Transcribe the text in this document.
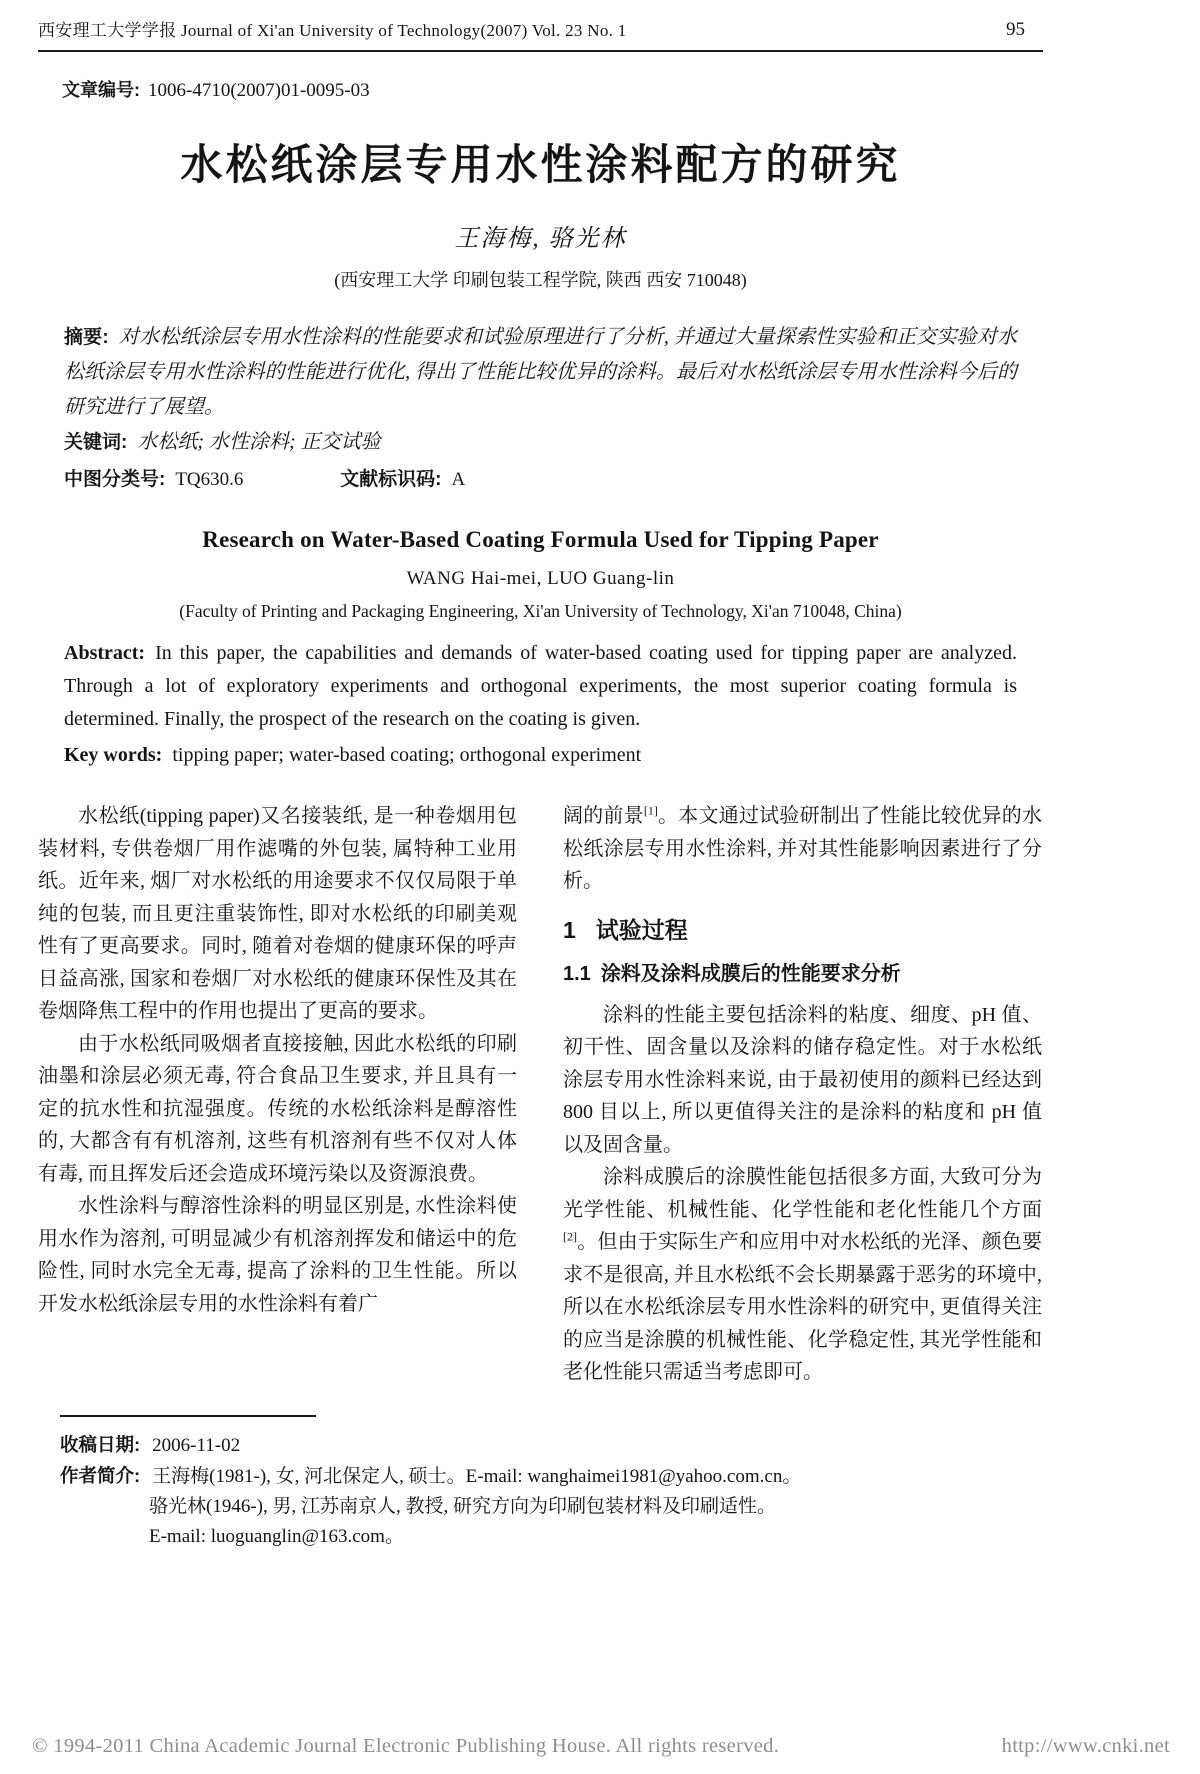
西安理工大学学报 Journal of Xi'an University of Technology(2007) Vol. 23 No. 1	95
文章编号: 1006-4710(2007)01-0095-03
水松纸涂层专用水性涂料配方的研究
王海梅, 骆光林
(西安理工大学 印刷包装工程学院, 陕西 西安 710048)
摘要: 对水松纸涂层专用水性涂料的性能要求和试验原理进行了分析, 并通过大量探索性实验和正交实验对水松纸涂层专用水性涂料的性能进行优化, 得出了性能比较优异的涂料。最后对水松纸涂层专用水性涂料今后的研究进行了展望。
关键词: 水松纸; 水性涂料; 正交试验
中图分类号: TQ630.6	文献标识码: A
Research on Water-Based Coating Formula Used for Tipping Paper
WANG Hai-mei, LUO Guang-lin
(Faculty of Printing and Packaging Engineering, Xi'an University of Technology, Xi'an 710048, China)

Abstract: In this paper, the capabilities and demands of water-based coating used for tipping paper are analyzed. Through a lot of exploratory experiments and orthogonal experiments, the most superior coating formula is determined. Finally, the prospect of the research on the coating is given.

Key words: tipping paper; water-based coating; orthogonal experiment

水松纸(tipping paper)又名接装纸, 是一种卷烟用包装材料, 专供卷烟厂用作滤嘴的外包装, 属特种工业用纸。近年来, 烟厂对水松纸的用途要求不仅仅局限于单纯的包装, 而且更注重装饰性, 即对水松纸的印刷美观性有了更高要求。同时, 随着对卷烟的健康环保的呼声日益高涨, 国家和卷烟厂对水松纸的健康环保性及其在卷烟降焦工程中的作用也提出了更高的要求。

由于水松纸同吸烟者直接接触, 因此水松纸的印刷油墨和涂层必须无毒, 符合食品卫生要求, 并且具有一定的抗水性和抗湿强度。传统的水松纸涂料是醇溶性的, 大都含有有机溶剂, 这些有机溶剂有些不仅对人体有毒, 而且挥发后还会造成环境污染以及资源浪费。

水性涂料与醇溶性涂料的明显区别是, 水性涂料使用水作为溶剂, 可明显减少有机溶剂挥发和储运中的危险性, 同时水完全无毒, 提高了涂料的卫生性能。所以开发水松纸涂层专用的水性涂料有着广

阔的前景[1]。本文通过试验研制出了性能比较优异的水松纸涂层专用水性涂料, 并对其性能影响因素进行了分析。

1 试验过程
1.1 涂料及涂料成膜后的性能要求分析

涂料的性能主要包括涂料的粘度、细度、pH 值、初干性、固含量以及涂料的储存稳定性。对于水松纸涂层专用水性涂料来说, 由于最初使用的颜料已经达到 800 目以上, 所以更值得关注的是涂料的粘度和 pH 值以及固含量。

涂料成膜后的涂膜性能包括很多方面, 大致可分为光学性能、机械性能、化学性能和老化性能几个方面[2]。但由于实际生产和应用中对水松纸的光泽、颜色要求不是很高, 并且水松纸不会长期暴露于恶劣的环境中, 所以在水松纸涂层专用水性涂料的研究中, 更值得关注的应当是涂膜的机械性能、化学稳定性, 其光学性能和老化性能只需适当考虑即可。

收稿日期: 2006-11-02
作者简介: 王海梅(1981-), 女, 河北保定人, 硕士。E-mail: wanghaimei1981@yahoo.com.cn。
骆光林(1946-), 男, 江苏南京人, 教授, 研究方向为印刷包装材料及印刷适性。
E-mail: luoguanglin@163.com。
© 1994-2011 China Academic Journal Electronic Publishing House. All rights reserved.	http://www.cnki.net
